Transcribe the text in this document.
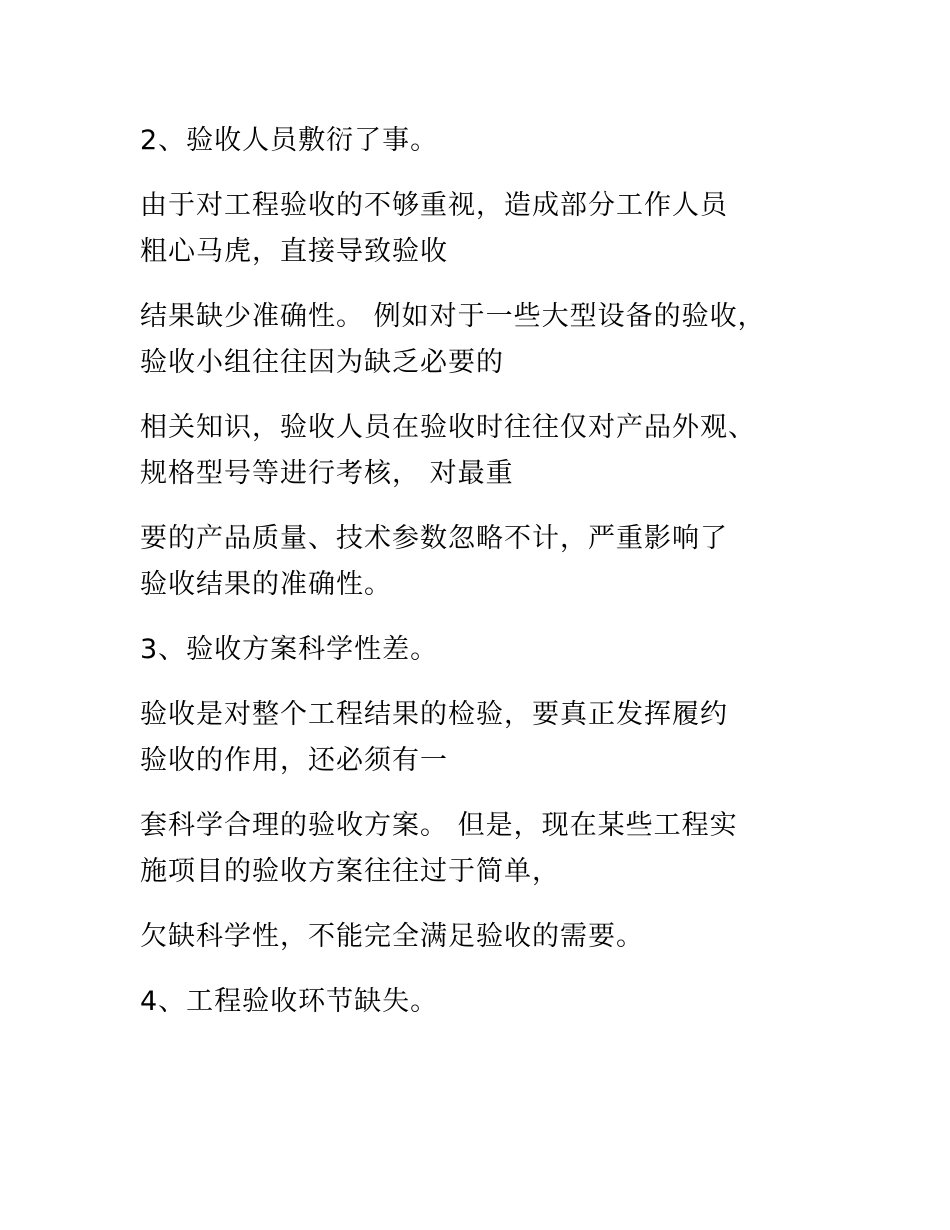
2、验收人员敷衍了事。

由于对工程验收的不够重视，造成部分工作人员
粗心马虎，直接导致验收

结果缺少准确性。 例如对于一些大型设备的验收，
验收小组往往因为缺乏必要的

相关知识，验收人员在验收时往往仅对产品外观、
规格型号等进行考核， 对最重

要的产品质量、技术参数忽略不计，严重影响了
验收结果的准确性。

3、验收方案科学性差。

验收是对整个工程结果的检验，要真正发挥履约
验收的作用，还必须有一

套科学合理的验收方案。 但是，现在某些工程实
施项目的验收方案往往过于简单，

欠缺科学性，不能完全满足验收的需要。

4、工程验收环节缺失。
